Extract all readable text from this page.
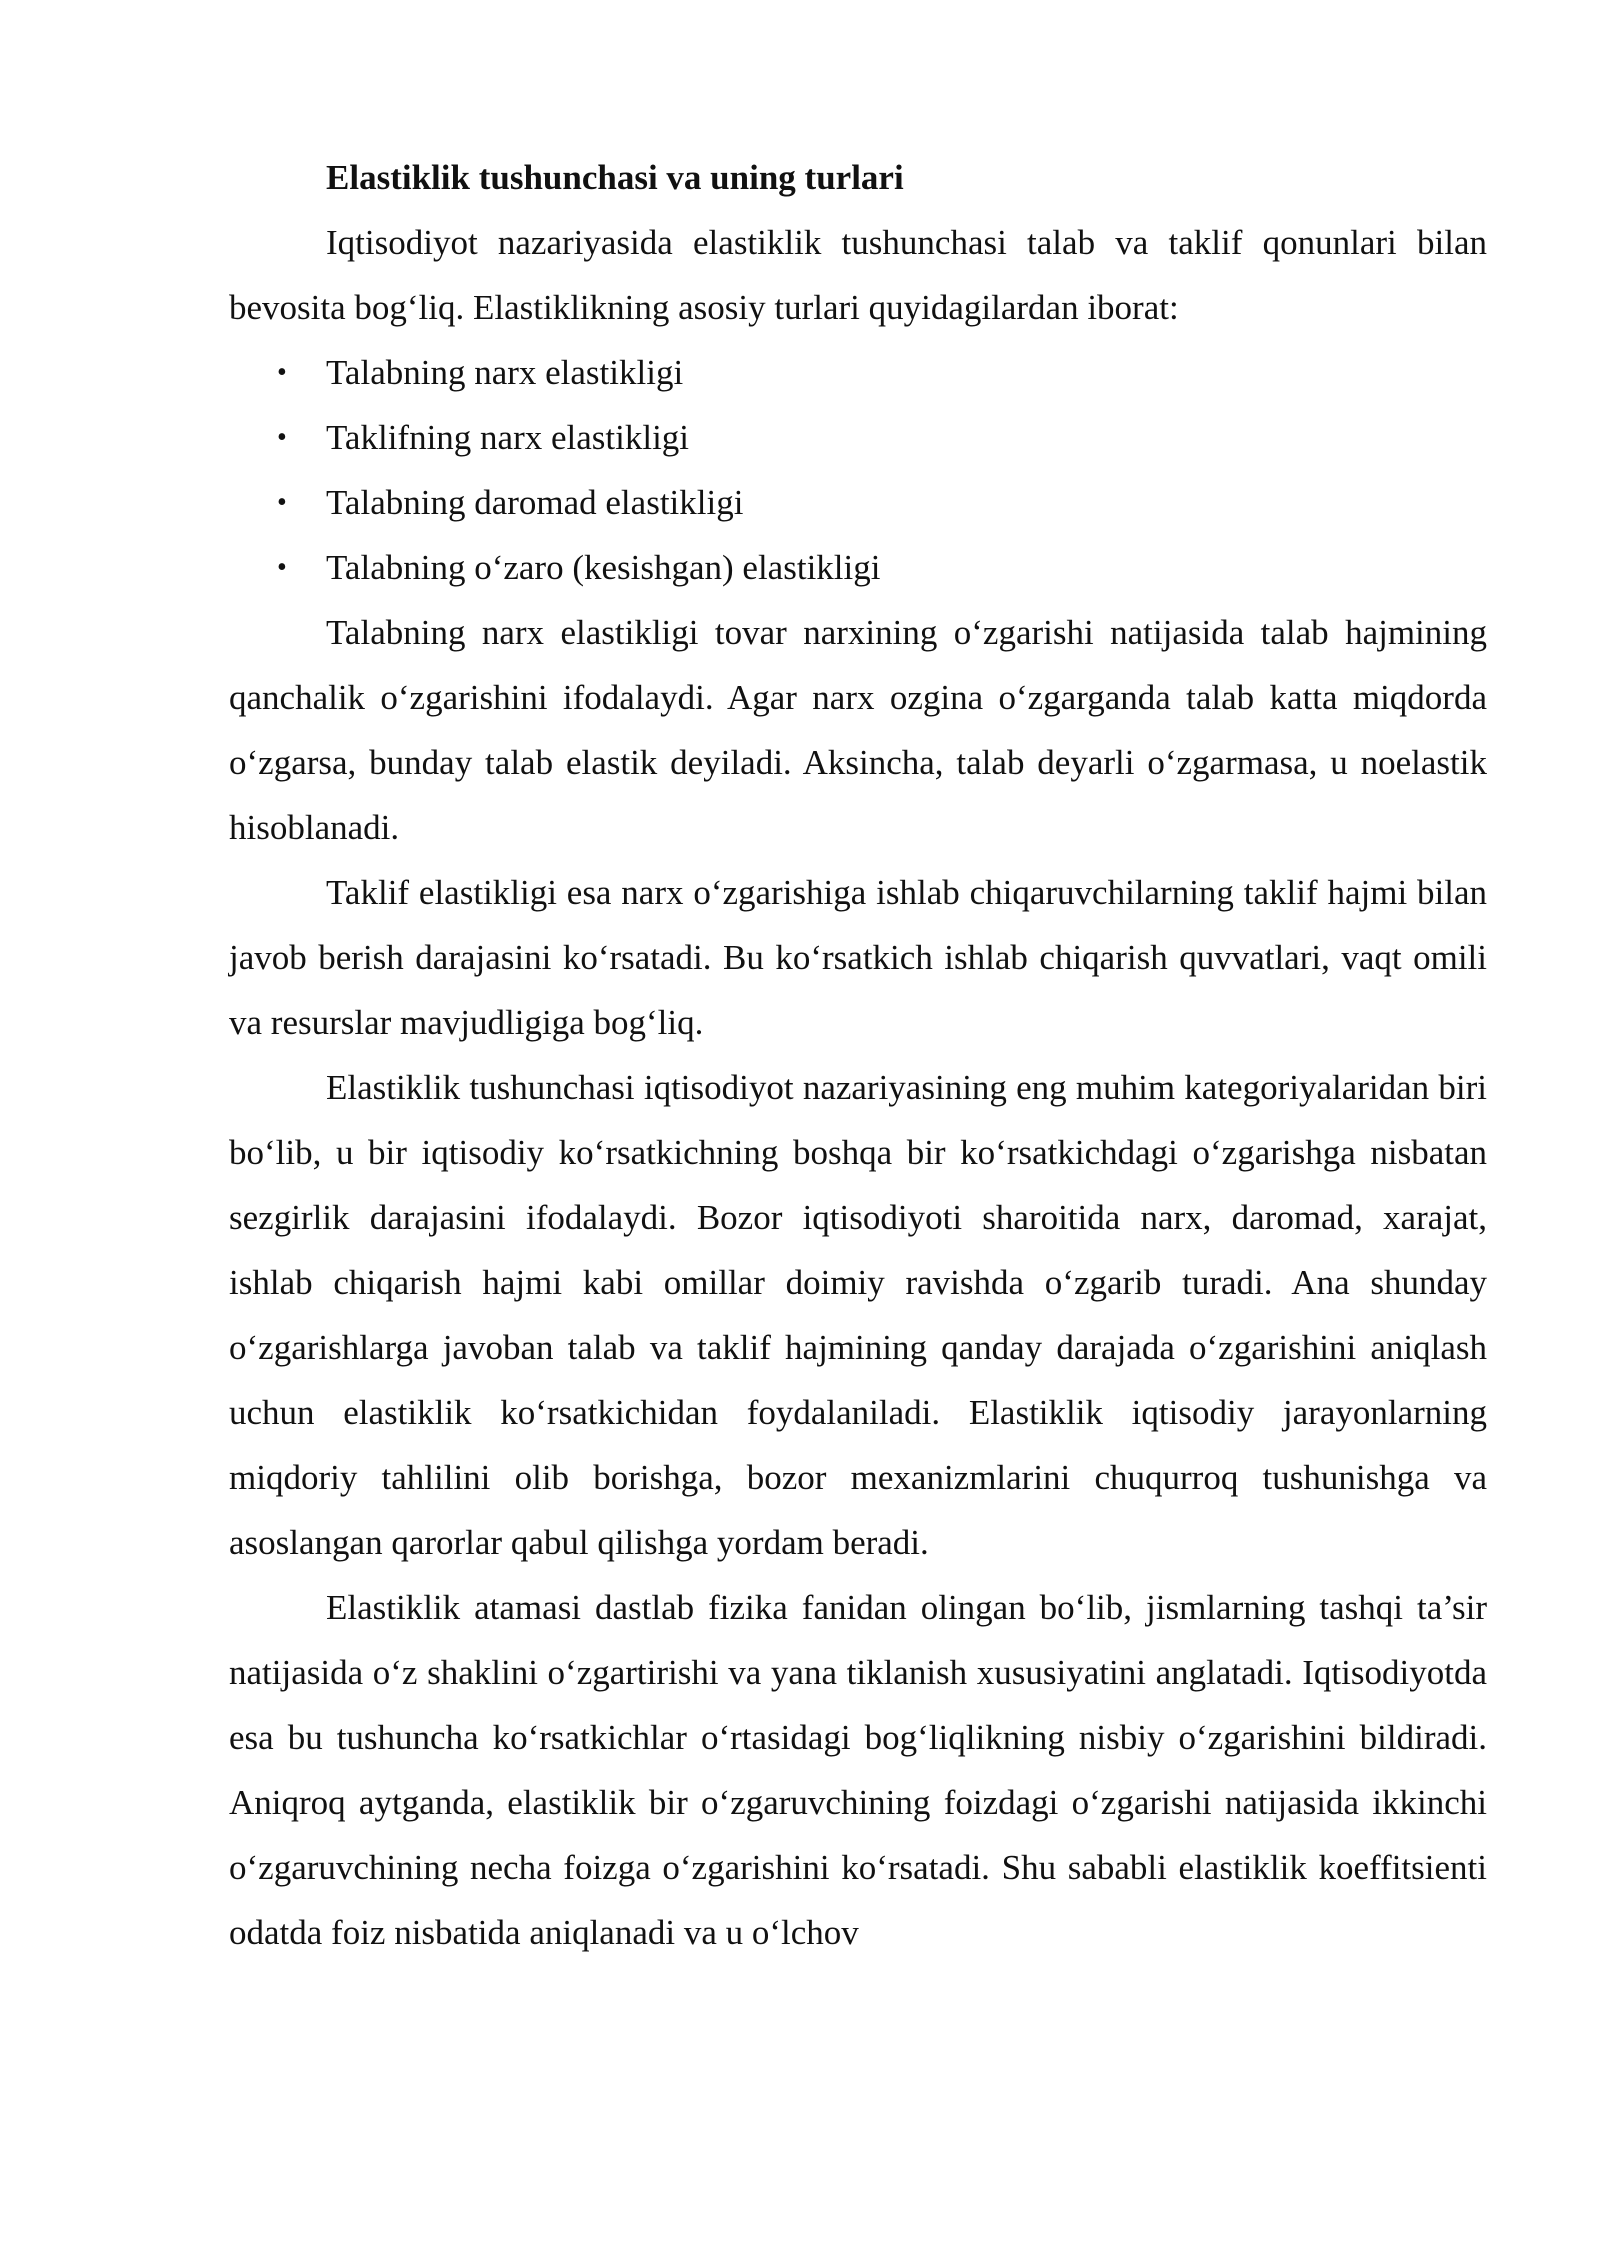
Elastiklik tushunchasi va uning turlari

Iqtisodiyot nazariyasida elastiklik tushunchasi talab va taklif qonunlari bilan bevosita bog‘liq. Elastiklikning asosiy turlari quyidagilardan iborat:

• Talabning narx elastikligi
• Taklifning narx elastikligi
• Talabning daromad elastikligi
• Talabning o‘zaro (kesishgan) elastikligi

Talabning narx elastikligi tovar narxining o‘zgarishi natijasida talab hajmining qanchalik o‘zgarishini ifodalaydi. Agar narx ozgina o‘zgarganda talab katta miqdorda o‘zgarsa, bunday talab elastik deyiladi. Aksincha, talab deyarli o‘zgarmasa, u noelastik hisoblanadi.

Taklif elastikligi esa narx o‘zgarishiga ishlab chiqaruvchilarning taklif hajmi bilan javob berish darajasini ko‘rsatadi. Bu ko‘rsatkich ishlab chiqarish quvvatlari, vaqt omili va resurslar mavjudligiga bog‘liq.

Elastiklik tushunchasi iqtisodiyot nazariyasining eng muhim kategoriyalaridan biri bo‘lib, u bir iqtisodiy ko‘rsatkichning boshqa bir ko‘rsatkichdagi o‘zgarishga nisbatan sezgirlik darajasini ifodalaydi. Bozor iqtisodiyoti sharoitida narx, daromad, xarajat, ishlab chiqarish hajmi kabi omillar doimiy ravishda o‘zgarib turadi. Ana shunday o‘zgarishlarga javoban talab va taklif hajmining qanday darajada o‘zgarishini aniqlash uchun elastiklik ko‘rsatkichidan foydalaniladi. Elastiklik iqtisodiy jarayonlarning miqdoriy tahlilini olib borishga, bozor mexanizmlarini chuqurroq tushunishga va asoslangan qarorlar qabul qilishga yordam beradi.

Elastiklik atamasi dastlab fizika fanidan olingan bo‘lib, jismlarning tashqi ta’sir natijasida o‘z shaklini o‘zgartirishi va yana tiklanish xususiyatini anglatadi. Iqtisodiyotda esa bu tushuncha ko‘rsatkichlar o‘rtasidagi bog‘liqlikning nisbiy o‘zgarishini bildiradi. Aniqroq aytganda, elastiklik bir o‘zgaruvchining foizdagi o‘zgarishi natijasida ikkinchi o‘zgaruvchining necha foizga o‘zgarishini ko‘rsatadi. Shu sababli elastiklik koeffitsienti odatda foiz nisbatida aniqlanadi va u o‘lchov
